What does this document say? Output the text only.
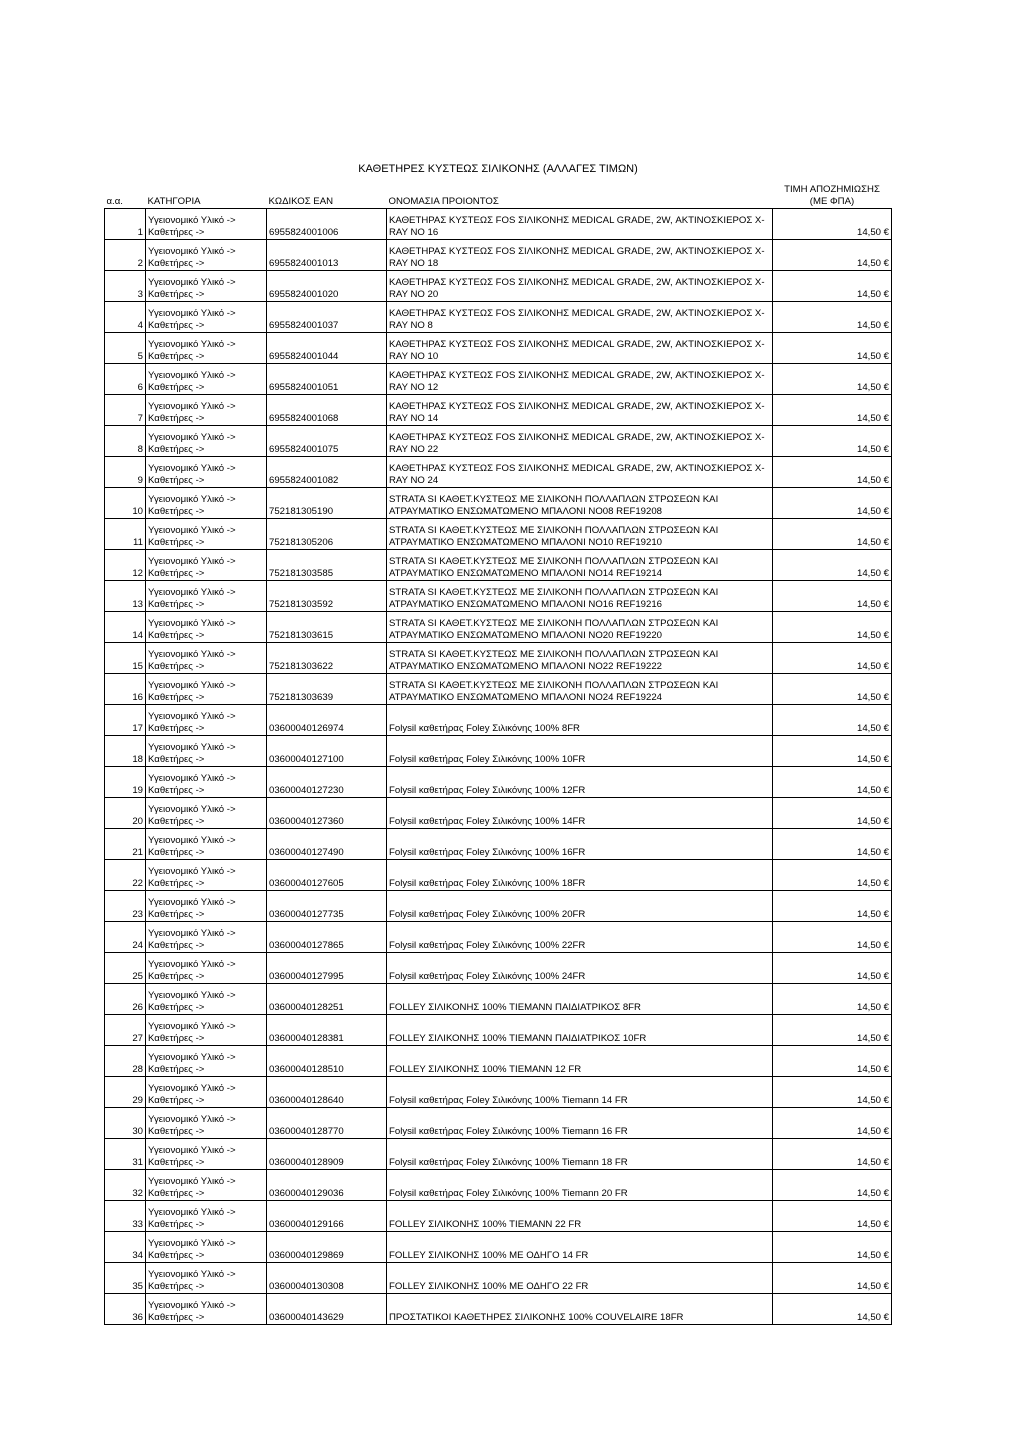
ΚΑΘΕΤΗΡΕΣ ΚΥΣΤΕΩΣ ΣΙΛΙΚΟΝΗΣ (ΑΛΛΑΓΕΣ ΤΙΜΩΝ)
α.α.	ΚΑΤΗΓΟΡΙΑ	ΚΩΔΙΚΟΣ EAN	ΟΝΟΜΑΣΙΑ ΠΡΟΙΟΝΤΟΣ	ΤΙΜΗ ΑΠΟΖΗΜΙΩΣΗΣ
(ΜΕ ΦΠΑ)

1	Υγειονομικό Υλικό ->
Καθετήρες ->	6955824001006	ΚΑΘΕΤΗΡΑΣ ΚΥΣΤΕΩΣ FOS ΣΙΛΙΚΟΝΗΣ MEDICAL GRADE, 2W, ΑΚΤΙΝΟΣΚΙΕΡΟΣ X-
RAY NO 16	14,50 €
2	Υγειονομικό Υλικό ->
Καθετήρες ->	6955824001013	ΚΑΘΕΤΗΡΑΣ ΚΥΣΤΕΩΣ FOS ΣΙΛΙΚΟΝΗΣ MEDICAL GRADE, 2W, ΑΚΤΙΝΟΣΚΙΕΡΟΣ X-
RAY NO 18	14,50 €
3	Υγειονομικό Υλικό ->
Καθετήρες ->	6955824001020	ΚΑΘΕΤΗΡΑΣ ΚΥΣΤΕΩΣ FOS ΣΙΛΙΚΟΝΗΣ MEDICAL GRADE, 2W, ΑΚΤΙΝΟΣΚΙΕΡΟΣ X-
RAY NO 20	14,50 €
4	Υγειονομικό Υλικό ->
Καθετήρες ->	6955824001037	ΚΑΘΕΤΗΡΑΣ ΚΥΣΤΕΩΣ FOS ΣΙΛΙΚΟΝΗΣ MEDICAL GRADE, 2W, ΑΚΤΙΝΟΣΚΙΕΡΟΣ X-
RAY NO 8	14,50 €
5	Υγειονομικό Υλικό ->
Καθετήρες ->	6955824001044	ΚΑΘΕΤΗΡΑΣ ΚΥΣΤΕΩΣ FOS ΣΙΛΙΚΟΝΗΣ MEDICAL GRADE, 2W, ΑΚΤΙΝΟΣΚΙΕΡΟΣ X-
RAY NO 10	14,50 €
6	Υγειονομικό Υλικό ->
Καθετήρες ->	6955824001051	ΚΑΘΕΤΗΡΑΣ ΚΥΣΤΕΩΣ FOS ΣΙΛΙΚΟΝΗΣ MEDICAL GRADE, 2W, ΑΚΤΙΝΟΣΚΙΕΡΟΣ X-
RAY NO 12	14,50 €
7	Υγειονομικό Υλικό ->
Καθετήρες ->	6955824001068	ΚΑΘΕΤΗΡΑΣ ΚΥΣΤΕΩΣ FOS ΣΙΛΙΚΟΝΗΣ MEDICAL GRADE, 2W, ΑΚΤΙΝΟΣΚΙΕΡΟΣ X-
RAY NO 14	14,50 €
8	Υγειονομικό Υλικό ->
Καθετήρες ->	6955824001075	ΚΑΘΕΤΗΡΑΣ ΚΥΣΤΕΩΣ FOS ΣΙΛΙΚΟΝΗΣ MEDICAL GRADE, 2W, ΑΚΤΙΝΟΣΚΙΕΡΟΣ X-
RAY NO 22	14,50 €
9	Υγειονομικό Υλικό ->
Καθετήρες ->	6955824001082	ΚΑΘΕΤΗΡΑΣ ΚΥΣΤΕΩΣ FOS ΣΙΛΙΚΟΝΗΣ MEDICAL GRADE, 2W, ΑΚΤΙΝΟΣΚΙΕΡΟΣ X-
RAY NO 24	14,50 €
10	Υγειονομικό Υλικό ->
Καθετήρες ->	752181305190	STRATA SI ΚΑΘΕΤ.ΚΥΣΤΕΩΣ ΜΕ ΣΙΛΙΚΟΝΗ ΠΟΛΛΑΠΛΩΝ ΣΤΡΩΣΕΩΝ ΚΑΙ
ΑΤΡΑΥΜΑΤΙΚΟ ΕΝΣΩΜΑΤΩΜΕΝΟ ΜΠΑΛΟΝΙ ΝΟ08 REF19208	14,50 €
11	Υγειονομικό Υλικό ->
Καθετήρες ->	752181305206	STRATA SI ΚΑΘΕΤ.ΚΥΣΤΕΩΣ ΜΕ ΣΙΛΙΚΟΝΗ ΠΟΛΛΑΠΛΩΝ ΣΤΡΩΣΕΩΝ ΚΑΙ
ΑΤΡΑΥΜΑΤΙΚΟ ΕΝΣΩΜΑΤΩΜΕΝΟ ΜΠΑΛΟΝΙ ΝΟ10 REF19210	14,50 €
12	Υγειονομικό Υλικό ->
Καθετήρες ->	752181303585	STRATA SI ΚΑΘΕΤ.ΚΥΣΤΕΩΣ ΜΕ ΣΙΛΙΚΟΝΗ ΠΟΛΛΑΠΛΩΝ ΣΤΡΩΣΕΩΝ ΚΑΙ
ΑΤΡΑΥΜΑΤΙΚΟ ΕΝΣΩΜΑΤΩΜΕΝΟ ΜΠΑΛΟΝΙ ΝΟ14 REF19214	14,50 €
13	Υγειονομικό Υλικό ->
Καθετήρες ->	752181303592	STRATA SI ΚΑΘΕΤ.ΚΥΣΤΕΩΣ ΜΕ ΣΙΛΙΚΟΝΗ ΠΟΛΛΑΠΛΩΝ ΣΤΡΩΣΕΩΝ ΚΑΙ
ΑΤΡΑΥΜΑΤΙΚΟ ΕΝΣΩΜΑΤΩΜΕΝΟ ΜΠΑΛΟΝΙ ΝΟ16 REF19216	14,50 €
14	Υγειονομικό Υλικό ->
Καθετήρες ->	752181303615	STRATA SI ΚΑΘΕΤ.ΚΥΣΤΕΩΣ ΜΕ ΣΙΛΙΚΟΝΗ ΠΟΛΛΑΠΛΩΝ ΣΤΡΩΣΕΩΝ ΚΑΙ
ΑΤΡΑΥΜΑΤΙΚΟ ΕΝΣΩΜΑΤΩΜΕΝΟ ΜΠΑΛΟΝΙ ΝΟ20 REF19220	14,50 €
15	Υγειονομικό Υλικό ->
Καθετήρες ->	752181303622	STRATA SI ΚΑΘΕΤ.ΚΥΣΤΕΩΣ ΜΕ ΣΙΛΙΚΟΝΗ ΠΟΛΛΑΠΛΩΝ ΣΤΡΩΣΕΩΝ ΚΑΙ
ΑΤΡΑΥΜΑΤΙΚΟ ΕΝΣΩΜΑΤΩΜΕΝΟ ΜΠΑΛΟΝΙ ΝΟ22 REF19222	14,50 €
16	Υγειονομικό Υλικό ->
Καθετήρες ->	752181303639	STRATA SI ΚΑΘΕΤ.ΚΥΣΤΕΩΣ ΜΕ ΣΙΛΙΚΟΝΗ ΠΟΛΛΑΠΛΩΝ ΣΤΡΩΣΕΩΝ ΚΑΙ
ΑΤΡΑΥΜΑΤΙΚΟ ΕΝΣΩΜΑΤΩΜΕΝΟ ΜΠΑΛΟΝΙ ΝΟ24 REF19224	14,50 €
17	Υγειονομικό Υλικό ->
Καθετήρες ->	03600040126974	Folysil καθετήρας Foley Σιλικόνης 100% 8FR	14,50 €
18	Υγειονομικό Υλικό ->
Καθετήρες ->	03600040127100	Folysil καθετήρας Foley Σιλικόνης 100% 10FR	14,50 €
19	Υγειονομικό Υλικό ->
Καθετήρες ->	03600040127230	Folysil καθετήρας Foley Σιλικόνης 100% 12FR	14,50 €
20	Υγειονομικό Υλικό ->
Καθετήρες ->	03600040127360	Folysil καθετήρας Foley Σιλικόνης 100% 14FR	14,50 €
21	Υγειονομικό Υλικό ->
Καθετήρες ->	03600040127490	Folysil καθετήρας Foley Σιλικόνης 100% 16FR	14,50 €
22	Υγειονομικό Υλικό ->
Καθετήρες ->	03600040127605	Folysil καθετήρας Foley Σιλικόνης 100% 18FR	14,50 €
23	Υγειονομικό Υλικό ->
Καθετήρες ->	03600040127735	Folysil καθετήρας Foley Σιλικόνης 100% 20FR	14,50 €
24	Υγειονομικό Υλικό ->
Καθετήρες ->	03600040127865	Folysil καθετήρας Foley Σιλικόνης 100% 22FR	14,50 €
25	Υγειονομικό Υλικό ->
Καθετήρες ->	03600040127995	Folysil καθετήρας Foley Σιλικόνης 100% 24FR	14,50 €
26	Υγειονομικό Υλικό ->
Καθετήρες ->	03600040128251	FOLLEY ΣΙΛΙΚΟΝΗΣ 100% TIEMANN ΠΑΙΔΙΑΤΡΙΚΟΣ 8FR	14,50 €
27	Υγειονομικό Υλικό ->
Καθετήρες ->	03600040128381	FOLLEY ΣΙΛΙΚΟΝΗΣ 100% TIEMANN ΠΑΙΔΙΑΤΡΙΚΟΣ 10FR	14,50 €
28	Υγειονομικό Υλικό ->
Καθετήρες ->	03600040128510	FOLLEY ΣΙΛΙΚΟΝΗΣ 100% TIEMANN 12 FR	14,50 €
29	Υγειονομικό Υλικό ->
Καθετήρες ->	03600040128640	Folysil καθετήρας Foley Σιλικόνης 100% Tiemann 14 FR	14,50 €
30	Υγειονομικό Υλικό ->
Καθετήρες ->	03600040128770	Folysil καθετήρας Foley Σιλικόνης 100% Tiemann 16 FR	14,50 €
31	Υγειονομικό Υλικό ->
Καθετήρες ->	03600040128909	Folysil καθετήρας Foley Σιλικόνης 100% Tiemann 18 FR	14,50 €
32	Υγειονομικό Υλικό ->
Καθετήρες ->	03600040129036	Folysil καθετήρας Foley Σιλικόνης 100% Tiemann 20 FR	14,50 €
33	Υγειονομικό Υλικό ->
Καθετήρες ->	03600040129166	FOLLEY ΣΙΛΙΚΟΝΗΣ 100% TIEMANN 22 FR	14,50 €
34	Υγειονομικό Υλικό ->
Καθετήρες ->	03600040129869	FOLLEY ΣΙΛΙΚΟΝΗΣ 100% ΜΕ ΟΔΗΓΟ 14 FR	14,50 €
35	Υγειονομικό Υλικό ->
Καθετήρες ->	03600040130308	FOLLEY ΣΙΛΙΚΟΝΗΣ 100% ΜΕ ΟΔΗΓΟ 22 FR	14,50 €
36	Υγειονομικό Υλικό ->
Καθετήρες ->	03600040143629	ΠΡΟΣΤΑΤΙΚΟΙ ΚΑΘΕΤΗΡΕΣ ΣΙΛΙΚΟΝΗΣ 100% COUVELAIRE 18FR	14,50 €
